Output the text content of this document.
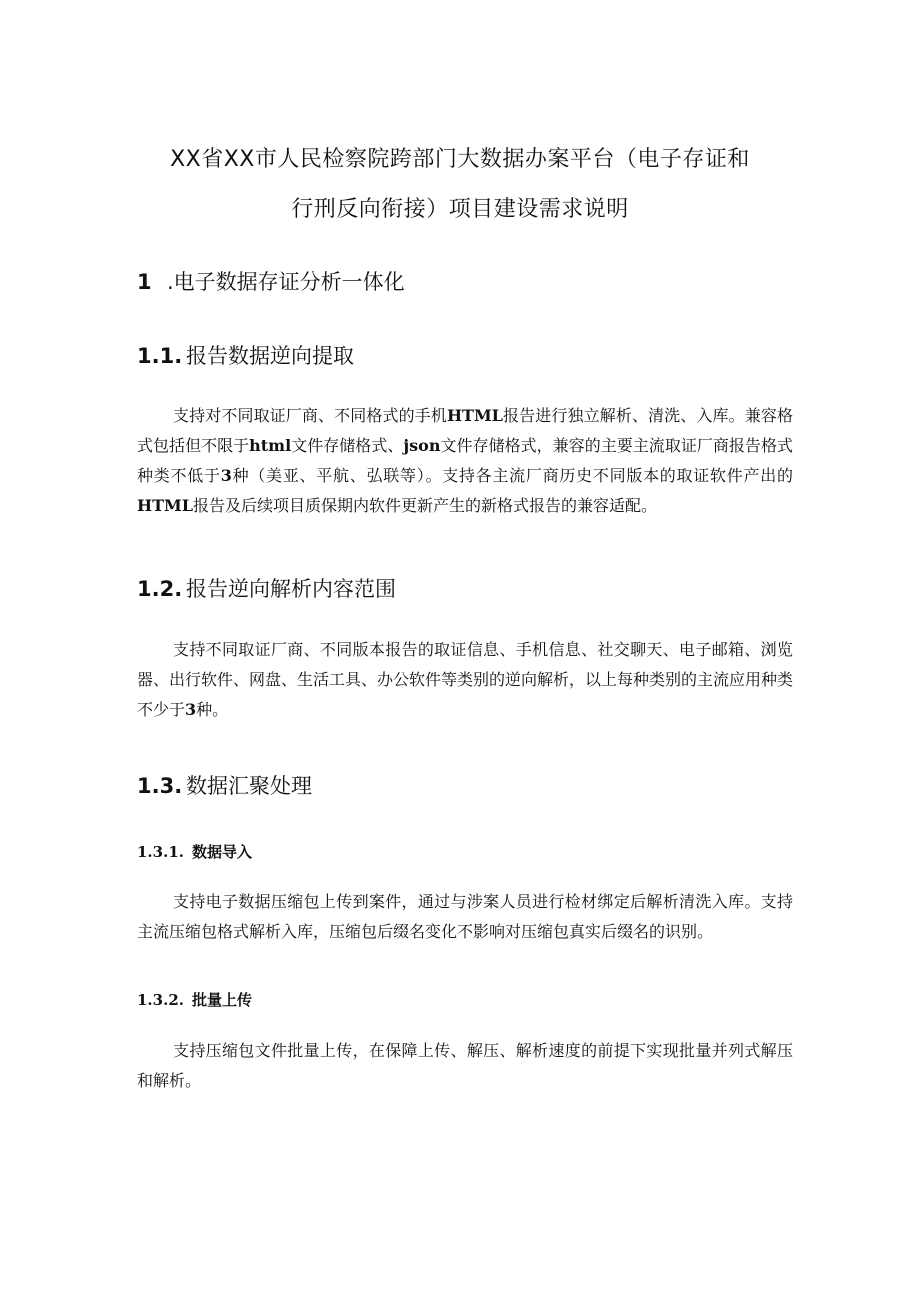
XX省XX市人民检察院跨部门大数据办案平台（电子存证和
行刑反向衔接）项目建设需求说明
1 .电子数据存证分析一体化
1.1. 报告数据逆向提取
支持对不同取证厂商、不同格式的手机HTML报告进行独立解析、清洗、入库。兼容格式包括但不限于html文件存储格式、json文件存储格式，兼容的主要主流取证厂商报告格式种类不低于3种（美亚、平航、弘联等）。支持各主流厂商历史不同版本的取证软件产出的HTML报告及后续项目质保期内软件更新产生的新格式报告的兼容适配。
1.2. 报告逆向解析内容范围
支持不同取证厂商、不同版本报告的取证信息、手机信息、社交聊天、电子邮箱、浏览器、出行软件、网盘、生活工具、办公软件等类别的逆向解析，以上每种类别的主流应用种类不少于3种。
1.3. 数据汇聚处理
1.3.1. 数据导入
支持电子数据压缩包上传到案件，通过与涉案人员进行检材绑定后解析清洗入库。支持主流压缩包格式解析入库，压缩包后缀名变化不影响对压缩包真实后缀名的识别。
1.3.2. 批量上传
支持压缩包文件批量上传，在保障上传、解压、解析速度的前提下实现批量并列式解压和解析。
